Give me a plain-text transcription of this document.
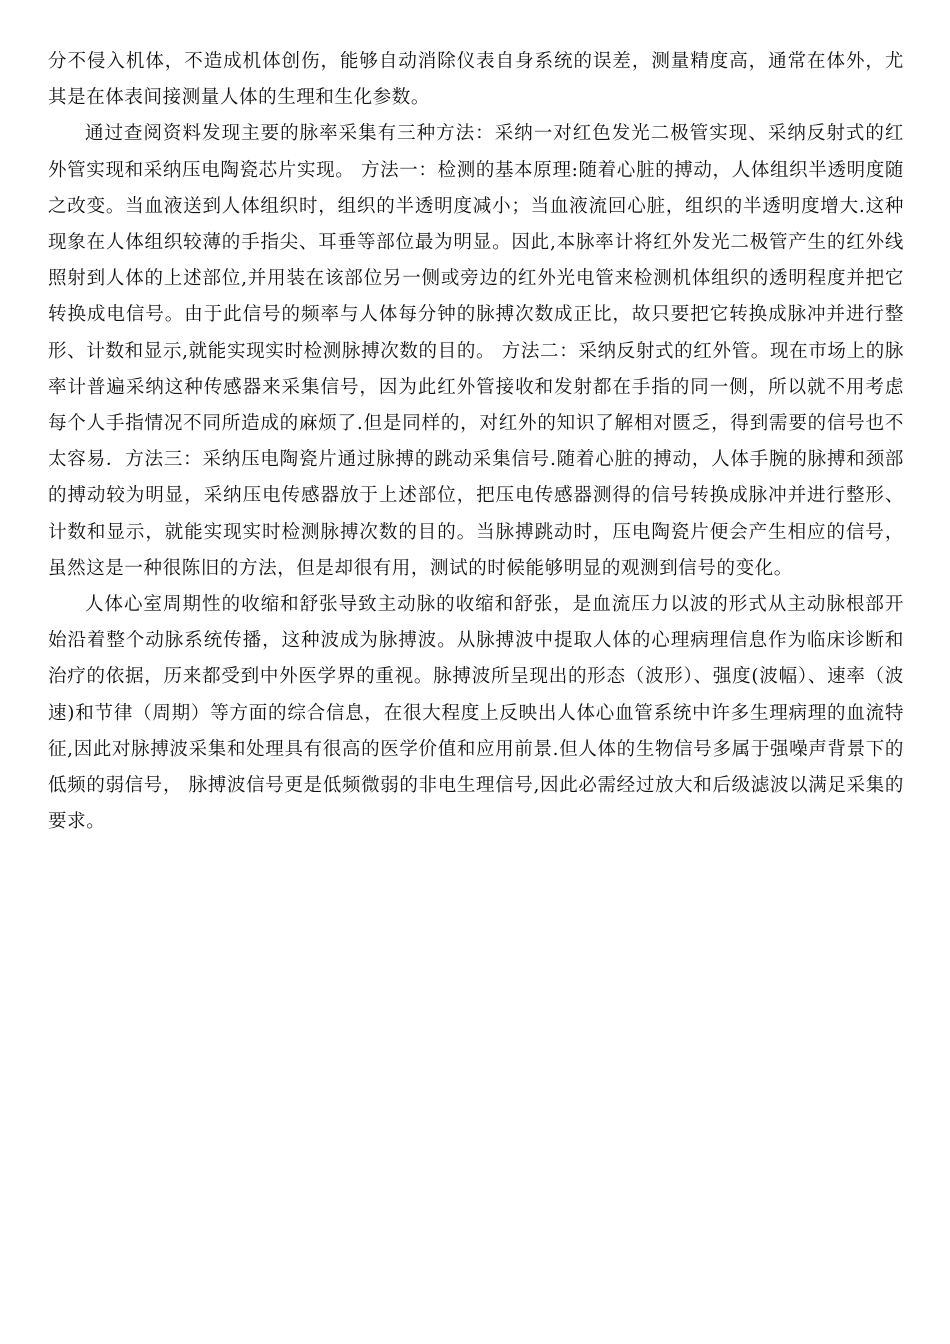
分不侵入机体，不造成机体创伤，能够自动消除仪表自身系统的误差，测量精度高，通常在体外，尤其是在体表间接测量人体的生理和生化参数。

通过查阅资料发现主要的脉率采集有三种方法：采纳一对红色发光二极管实现、采纳反射式的红外管实现和采纳压电陶瓷芯片实现。 方法一：检测的基本原理:随着心脏的搏动，人体组织半透明度随之改变。当血液送到人体组织时，组织的半透明度减小；当血液流回心脏，组织的半透明度增大.这种现象在人体组织较薄的手指尖、耳垂等部位最为明显。因此,本脉率计将红外发光二极管产生的红外线照射到人体的上述部位,并用装在该部位另一侧或旁边的红外光电管来检测机体组织的透明程度并把它转换成电信号。由于此信号的频率与人体每分钟的脉搏次数成正比，故只要把它转换成脉冲并进行整形、计数和显示,就能实现实时检测脉搏次数的目的。 方法二：采纳反射式的红外管。现在市场上的脉率计普遍采纳这种传感器来采集信号，因为此红外管接收和发射都在手指的同一侧，所以就不用考虑每个人手指情况不同所造成的麻烦了.但是同样的，对红外的知识了解相对匮乏，得到需要的信号也不太容易．方法三：采纳压电陶瓷片通过脉搏的跳动采集信号.随着心脏的搏动，人体手腕的脉搏和颈部的搏动较为明显，采纳压电传感器放于上述部位，把压电传感器测得的信号转换成脉冲并进行整形、计数和显示，就能实现实时检测脉搏次数的目的。当脉搏跳动时，压电陶瓷片便会产生相应的信号，虽然这是一种很陈旧的方法，但是却很有用，测试的时候能够明显的观测到信号的变化。

人体心室周期性的收缩和舒张导致主动脉的收缩和舒张，是血流压力以波的形式从主动脉根部开始沿着整个动脉系统传播，这种波成为脉搏波。从脉搏波中提取人体的心理病理信息作为临床诊断和治疗的依据，历来都受到中外医学界的重视。脉搏波所呈现出的形态（波形）、强度(波幅）、速率（波速)和节律（周期）等方面的综合信息，在很大程度上反映出人体心血管系统中许多生理病理的血流特征,因此对脉搏波采集和处理具有很高的医学价值和应用前景.但人体的生物信号多属于强噪声背景下的低频的弱信号， 脉搏波信号更是低频微弱的非电生理信号,因此必需经过放大和后级滤波以满足采集的要求。
